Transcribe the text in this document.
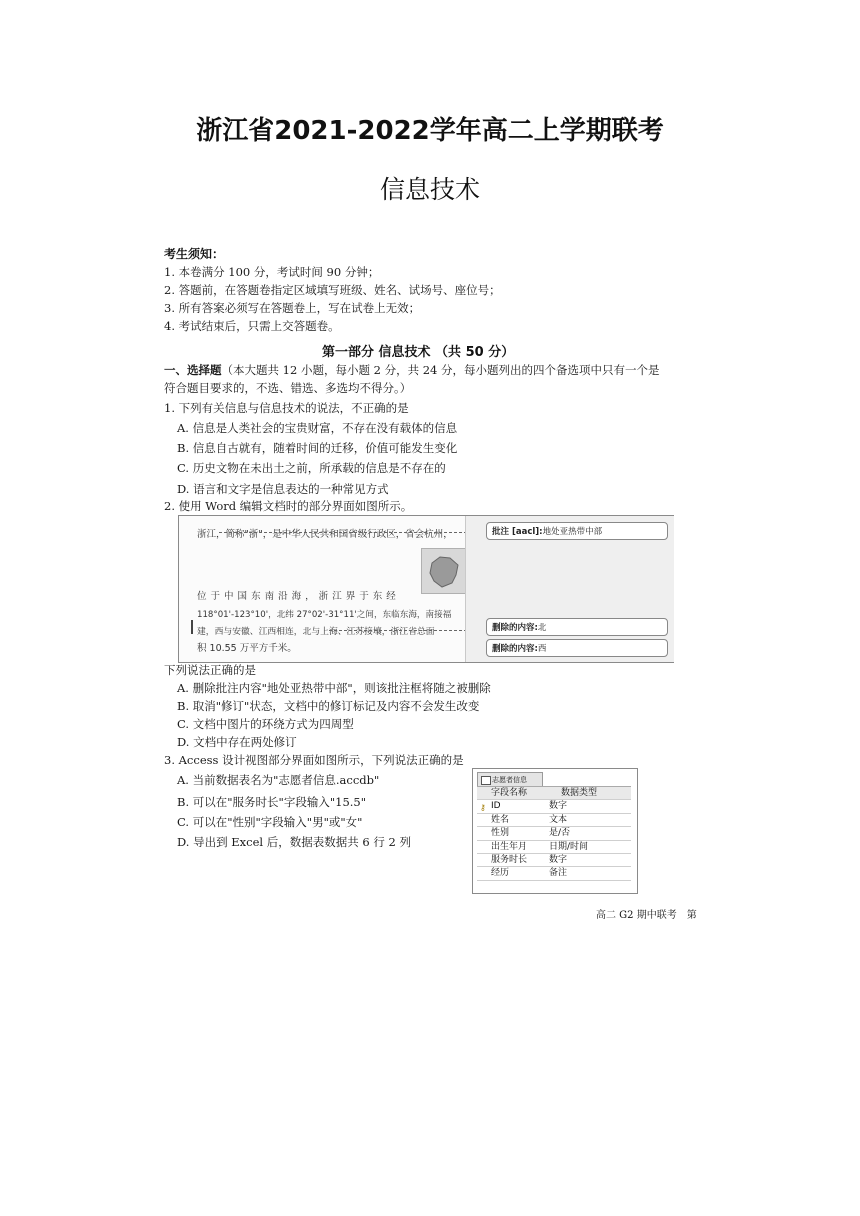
浙江省2021-2022学年高二上学期联考
信息技术
考生须知：
1. 本卷满分 100 分，考试时间 90 分钟；
2. 答题前，在答题卷指定区域填写班级、姓名、试场号、座位号；
3. 所有答案必须写在答题卷上，写在试卷上无效；
4. 考试结束后，只需上交答题卷。
第一部分 信息技术 （共 50 分）
一、选择题（本大题共 12 小题，每小题 2 分，共 24 分，每小题列出的四个备选项中只有一个是
符合题目要求的，不选、错选、多选均不得分。）
1. 下列有关信息与信息技术的说法，不正确的是
A. 信息是人类社会的宝贵财富，不存在没有载体的信息
B. 信息自古就有，随着时间的迁移，价值可能发生变化
C. 历史文物在未出土之前，所承载的信息是不存在的
D. 语言和文字是信息表达的一种常见方式
2. 使用 Word 编辑文档时的部分界面如图所示。
浙江，简称"浙"，是中华人民共和国省级行政区，省会杭州，
位 于 中 国 东 南 沿 海 ， 浙 江 界 于 东 经
118°01'-123°10'，北纬 27°02'-31°11'之间，东临东海，南接福
建，西与安徽、江西相连，北与上海、江苏接壤，浙江省总面
积 10.55 万平方千米。
批注 [aacl]:地处亚热带中部
删除的内容:北
删除的内容:西
下列说法正确的是
A. 删除批注内容"地处亚热带中部"，则该批注框将随之被删除
B. 取消"修订"状态，文档中的修订标记及内容不会发生改变
C. 文档中图片的环绕方式为四周型
D. 文档中存在两处修订
3. Access 设计视图部分界面如图所示，下列说法正确的是
A. 当前数据表名为"志愿者信息.accdb"
B. 可以在"服务时长"字段输入"15.5"
C. 可以在"性别"字段输入"男"或"女"
D. 导出到 Excel 后，数据表数据共 6 行 2 列
志愿者信息
字段名称	数据类型
⚷ ID	数字
姓名	文本
性别	是/否
出生年月 日期/时间
服务时长 数字
经历	备注
高二 G2 期中联考　第
